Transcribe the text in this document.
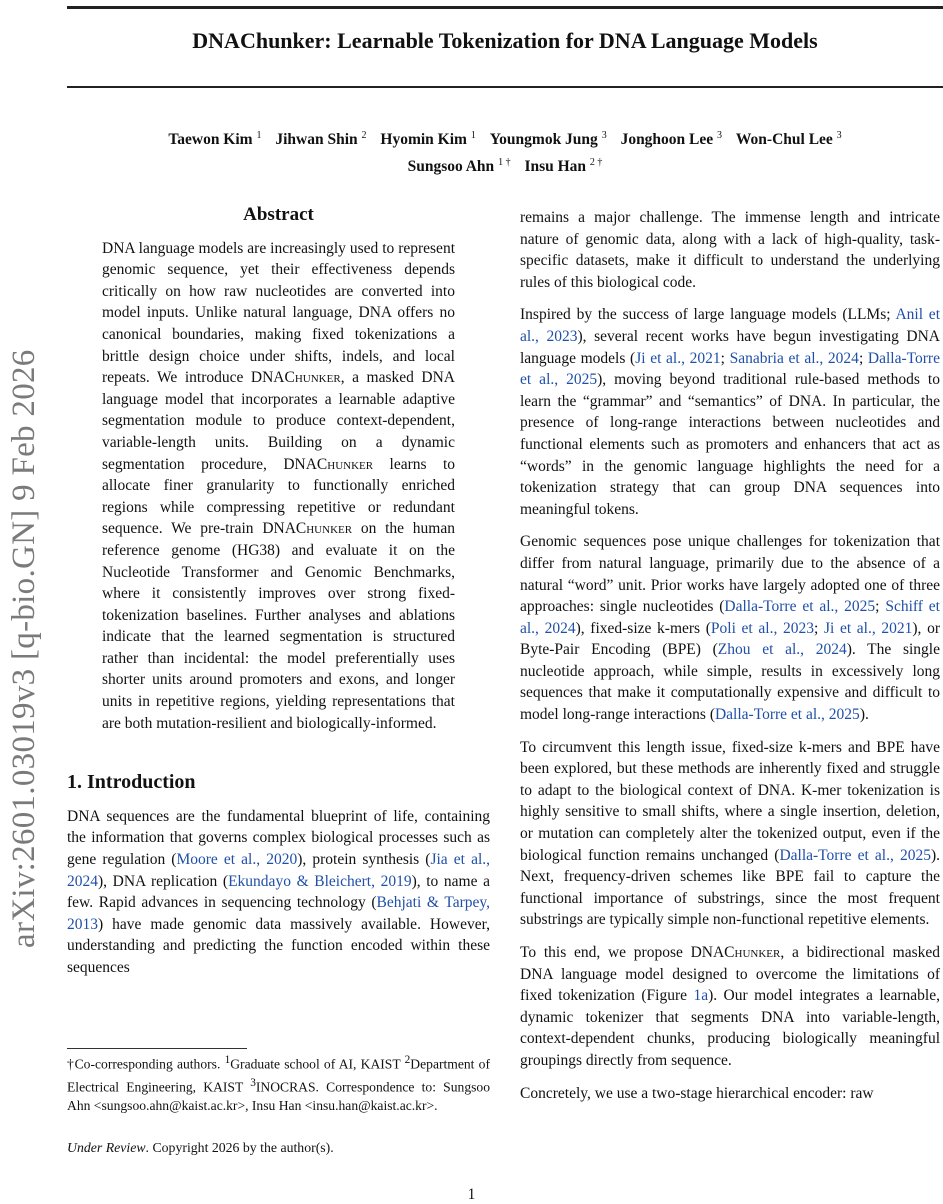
DNAChunker: Learnable Tokenization for DNA Language Models
Taewon Kim $^1$ Jihwan Shin $^2$ Hyomin Kim $^1$ Youngmok Jung $^3$ Jonghoon Lee $^3$ Won-Chul Lee $^3$
Sungsoo Ahn $^{1 \dagger}$ Insu Han $^{2 \dagger}$
arXiv:2601.03019v3 [q-bio.GN] 9 Feb 2026
Abstract
DNA language models are increasingly used to represent genomic sequence, yet their effectiveness depends critically on how raw nucleotides are converted into model inputs. Unlike natural language, DNA offers no canonical boundaries, making fixed tokenizations a brittle design choice under shifts, indels, and local repeats. We introduce DNAChunker, a masked DNA language model that incorporates a learnable adaptive segmentation module to produce context-dependent, variable-length units. Building on a dynamic segmentation procedure, DNAChunker learns to allocate finer granularity to functionally enriched regions while compressing repetitive or redundant sequence. We pre-train DNAChunker on the human reference genome (HG38) and evaluate it on the Nucleotide Transformer and Genomic Benchmarks, where it consistently improves over strong fixed-tokenization baselines. Further analyses and ablations indicate that the learned segmentation is structured rather than incidental: the model preferentially uses shorter units around promoters and exons, and longer units in repetitive regions, yielding representations that are both mutation-resilient and biologically-informed.
1. Introduction

DNA sequences are the fundamental blueprint of life, containing the information that governs complex biological processes such as gene regulation (Moore et al., 2020), protein synthesis (Jia et al., 2024), DNA replication (Ekundayo & Bleichert, 2019), to name a few. Rapid advances in sequencing technology (Behjati & Tarpey, 2013) have made genomic data massively available. However, understanding and predicting the function encoded within these sequences

†Co-corresponding authors. $^1$Graduate school of AI, KAIST $^2$Department of Electrical Engineering, KAIST $^3$INOCRAS. Correspondence to: Sungsoo Ahn <sungsoo.ahn@kaist.ac.kr>, Insu Han <insu.han@kaist.ac.kr>.
Under Review. Copyright 2026 by the author(s).

remains a major challenge. The immense length and intricate nature of genomic data, along with a lack of high-quality, task-specific datasets, make it difficult to understand the underlying rules of this biological code.

Inspired by the success of large language models (LLMs; Anil et al., 2023), several recent works have begun investigating DNA language models (Ji et al., 2021; Sanabria et al., 2024; Dalla-Torre et al., 2025), moving beyond traditional rule-based methods to learn the “grammar” and “semantics” of DNA. In particular, the presence of long-range interactions between nucleotides and functional elements such as promoters and enhancers that act as “words” in the genomic language highlights the need for a tokenization strategy that can group DNA sequences into meaningful tokens.

Genomic sequences pose unique challenges for tokenization that differ from natural language, primarily due to the absence of a natural “word” unit. Prior works have largely adopted one of three approaches: single nucleotides (Dalla-Torre et al., 2025; Schiff et al., 2024), fixed-size k-mers (Poli et al., 2023; Ji et al., 2021), or Byte-Pair Encoding (BPE) (Zhou et al., 2024). The single nucleotide approach, while simple, results in excessively long sequences that make it computationally expensive and difficult to model long-range interactions (Dalla-Torre et al., 2025).

To circumvent this length issue, fixed-size k-mers and BPE have been explored, but these methods are inherently fixed and struggle to adapt to the biological context of DNA. K-mer tokenization is highly sensitive to small shifts, where a single insertion, deletion, or mutation can completely alter the tokenized output, even if the biological function remains unchanged (Dalla-Torre et al., 2025). Next, frequency-driven schemes like BPE fail to capture the functional importance of substrings, since the most frequent substrings are typically simple non-functional repetitive elements.

To this end, we propose DNAChunker, a bidirectional masked DNA language model designed to overcome the limitations of fixed tokenization (Figure 1a). Our model integrates a learnable, dynamic tokenizer that segments DNA into variable-length, context-dependent chunks, producing biologically meaningful groupings directly from sequence.

Concretely, we use a two-stage hierarchical encoder: raw

1
